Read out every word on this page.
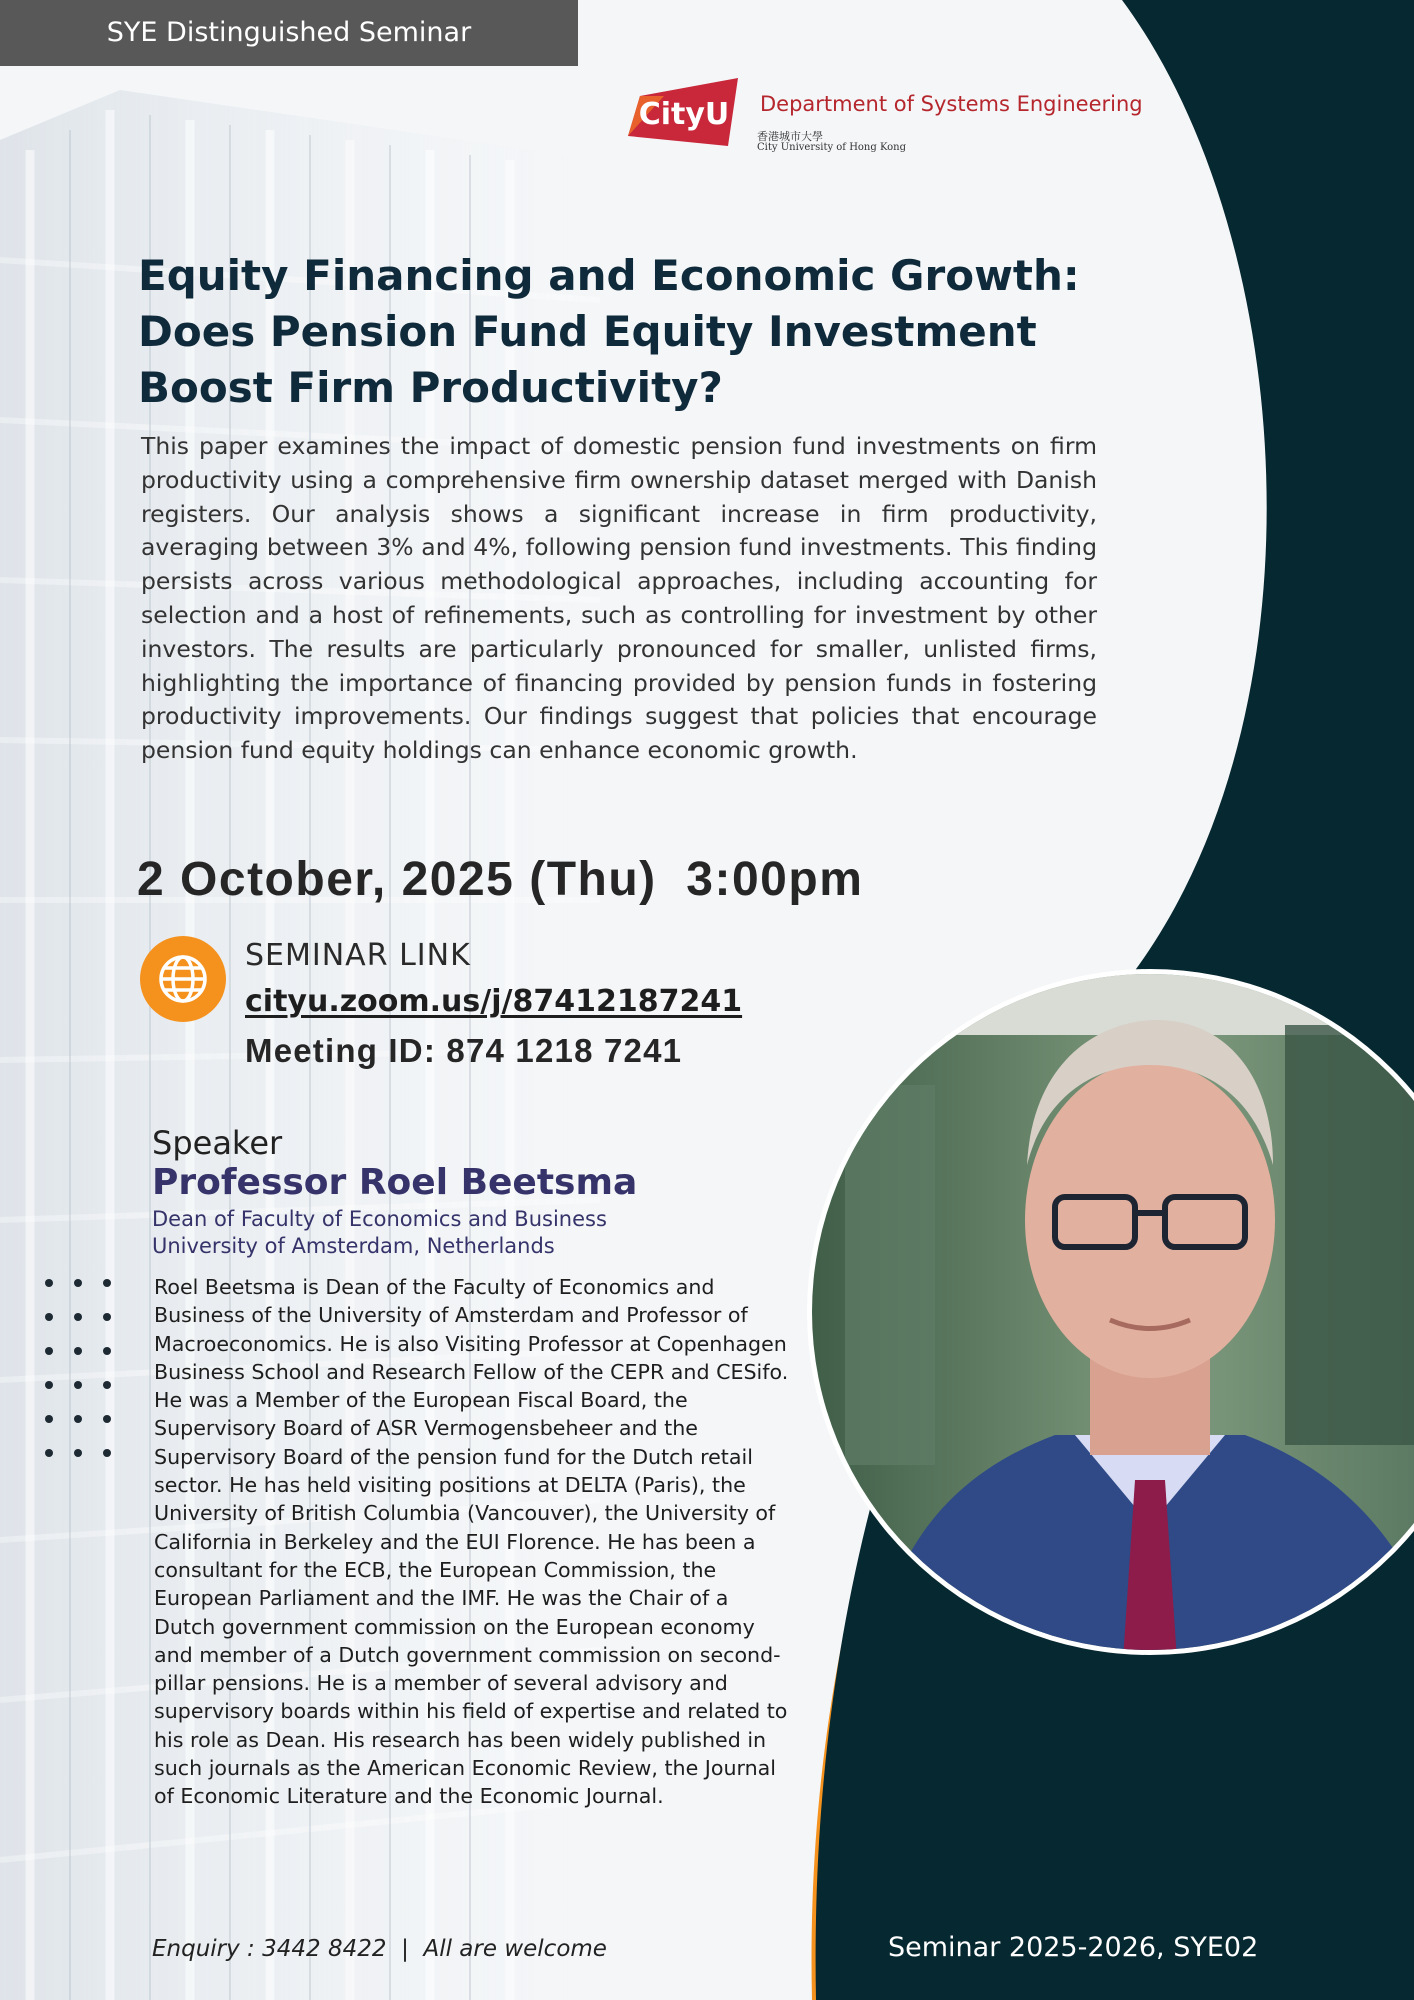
SYE Distinguished Seminar
CityU Department of Systems Engineering
香港城市大學
City University of Hong Kong
Equity Financing and Economic Growth:
Does Pension Fund Equity Investment
Boost Firm Productivity?

This paper examines the impact of domestic pension fund investments on firm productivity using a comprehensive firm ownership dataset merged with Danish registers. Our analysis shows a significant increase in firm productivity, averaging between 3% and 4%, following pension fund investments. This finding persists across various methodological approaches, including accounting for selection and a host of refinements, such as controlling for investment by other investors. The results are particularly pronounced for smaller, unlisted firms, highlighting the importance of financing provided by pension funds in fostering productivity improvements. Our findings suggest that policies that encourage pension fund equity holdings can enhance economic growth.

2 October, 2025 (Thu)  3:00pm
SEMINAR LINK
cityu.zoom.us/j/87412187241
Meeting ID: 874 1218 7241
Speaker
Professor Roel Beetsma
Dean of Faculty of Economics and Business
University of Amsterdam, Netherlands

Roel Beetsma is Dean of the Faculty of Economics and Business of the University of Amsterdam and Professor of Macroeconomics. He is also Visiting Professor at Copenhagen Business School and Research Fellow of the CEPR and CESifo. He was a Member of the European Fiscal Board, the Supervisory Board of ASR Vermogensbeheer and the Supervisory Board of the pension fund for the Dutch retail sector. He has held visiting positions at DELTA (Paris), the University of British Columbia (Vancouver), the University of California in Berkeley and the EUI Florence. He has been a consultant for the ECB, the European Commission, the European Parliament and the IMF. He was the Chair of a Dutch government commission on the European economy and member of a Dutch government commission on second-pillar pensions. He is a member of several advisory and supervisory boards within his field of expertise and related to his role as Dean. His research has been widely published in such journals as the American Economic Review, the Journal of Economic Literature and the Economic Journal.

Enquiry : 3442 8422  |  All are welcome	Seminar 2025-2026, SYE02
